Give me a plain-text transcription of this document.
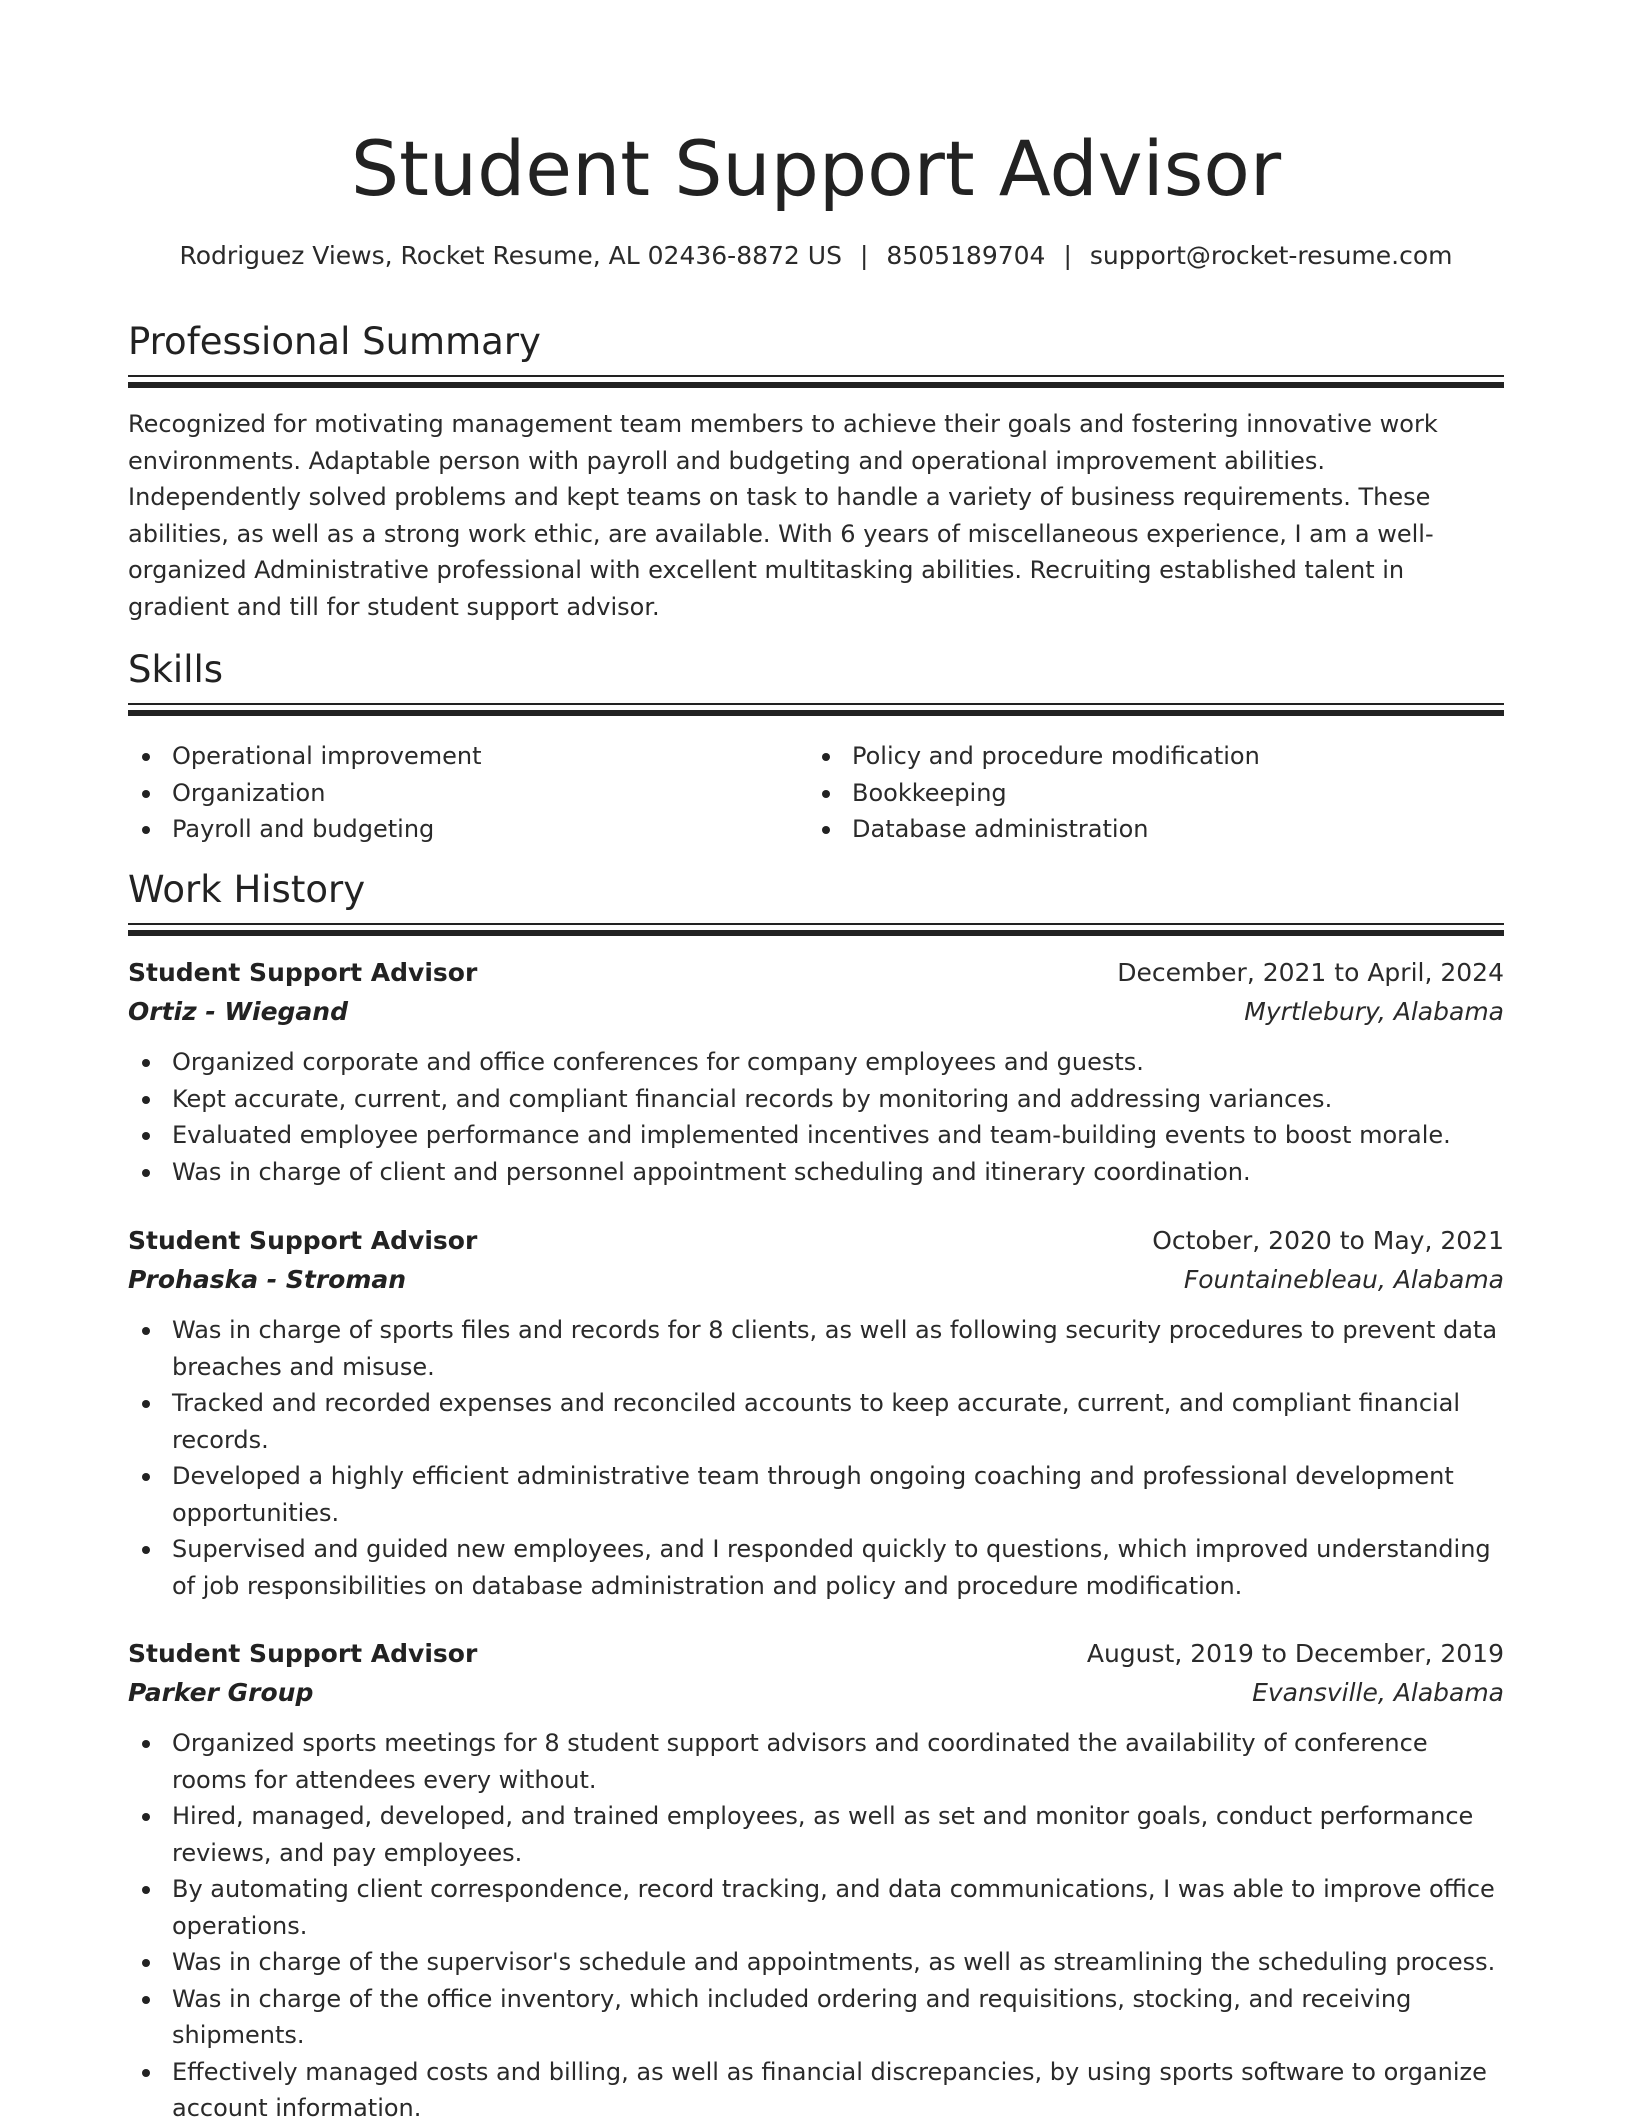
Student Support Advisor
Rodriguez Views, Rocket Resume, AL 02436-8872 US | 8505189704 | support@rocket-resume.com
Professional Summary

Recognized for motivating management team members to achieve their goals and fostering innovative work environments. Adaptable person with payroll and budgeting and operational improvement abilities. Independently solved problems and kept teams on task to handle a variety of business requirements. These abilities, as well as a strong work ethic, are available. With 6 years of miscellaneous experience, I am a well-organized Administrative professional with excellent multitasking abilities. Recruiting established talent in gradient and till for student support advisor.

Skills
Operational improvement
Organization
Payroll and budgeting
Policy and procedure modification
Bookkeeping
Database administration
Work History
Student Support Advisor	December, 2021 to April, 2024
Ortiz - Wiegand	Myrtlebury, Alabama
Organized corporate and office conferences for company employees and guests.
Kept accurate, current, and compliant financial records by monitoring and addressing variances.
Evaluated employee performance and implemented incentives and team-building events to boost morale.
Was in charge of client and personnel appointment scheduling and itinerary coordination.
Student Support Advisor	October, 2020 to May, 2021
Prohaska - Stroman	Fountainebleau, Alabama
Was in charge of sports files and records for 8 clients, as well as following security procedures to prevent data breaches and misuse.
Tracked and recorded expenses and reconciled accounts to keep accurate, current, and compliant financial records.
Developed a highly efficient administrative team through ongoing coaching and professional development opportunities.
Supervised and guided new employees, and I responded quickly to questions, which improved understanding of job responsibilities on database administration and policy and procedure modification.
Student Support Advisor	August, 2019 to December, 2019
Parker Group	Evansville, Alabama
Organized sports meetings for 8 student support advisors and coordinated the availability of conference rooms for attendees every without.
Hired, managed, developed, and trained employees, as well as set and monitor goals, conduct performance reviews, and pay employees.
By automating client correspondence, record tracking, and data communications, I was able to improve office operations.
Was in charge of the supervisor's schedule and appointments, as well as streamlining the scheduling process.
Was in charge of the office inventory, which included ordering and requisitions, stocking, and receiving shipments.
Effectively managed costs and billing, as well as financial discrepancies, by using sports software to organize account information.
